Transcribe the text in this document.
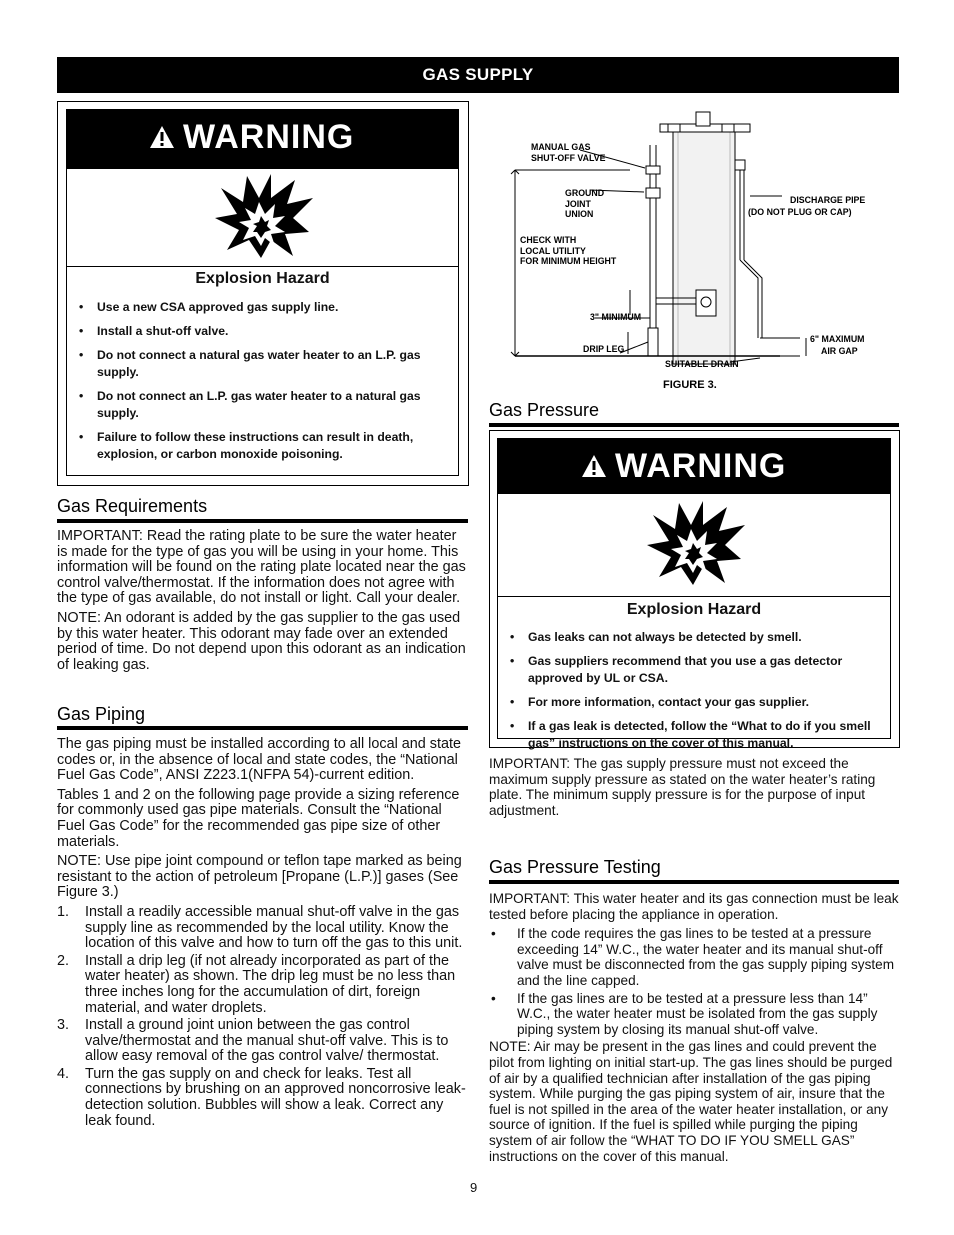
GAS SUPPLY
WARNING
Explosion Hazard
• Use a new CSA approved gas supply line.
• Install a shut-off valve.
• Do not connect a natural gas water heater to an L.P. gas supply.
• Do not connect an L.P. gas water heater to a natural gas supply.
• Failure to follow these instructions can result in death, explosion, or carbon monoxide poisoning.
Gas Requirements

IMPORTANT: Read the rating plate to be sure the water heater is made for the type of gas you will be using in your home. This information will be found on the rating plate located near the gas control valve/thermostat. If the information does not agree with the type of gas available, do not install or light. Call your dealer.

NOTE: An odorant is added by the gas supplier to the gas used by this water heater. This odorant may fade over an extended period of time. Do not depend upon this odorant as an indication of leaking gas.

Gas Piping

The gas piping must be installed according to all local and state codes or, in the absence of local and state codes, the “National Fuel Gas Code”, ANSI Z223.1(NFPA 54)-current edition.

Tables 1 and 2 on the following page provide a sizing reference for commonly used gas pipe materials. Consult the “National Fuel Gas Code” for the recommended gas pipe size of other materials.

NOTE: Use pipe joint compound or teflon tape marked as being resistant to the action of petroleum [Propane (L.P.)] gases (See Figure 3.)

1. Install a readily accessible manual shut-off valve in the gas supply line as recommended by the local utility. Know the location of this valve and how to turn off the gas to this unit.
2. Install a drip leg (if not already incorporated as part of the water heater) as shown. The drip leg must be no less than three inches long for the accumulation of dirt, foreign material, and water droplets.
3. Install a ground joint union between the gas control valve/thermostat and the manual shut-off valve. This is to allow easy removal of the gas control valve/ thermostat.
4. Turn the gas supply on and check for leaks. Test all connections by brushing on an approved noncorrosive leak-detection solution. Bubbles will show a leak. Correct any leak found.
MANUAL GAS
SHUT-OFF VALVE
GROUND
JOINT
UNION
CHECK WITH
LOCAL UTILITY
FOR MINIMUM HEIGHT
DISCHARGE PIPE
(DO NOT PLUG OR CAP)
3" MINIMUM
DRIP LEG
SUITABLE DRAIN
6" MAXIMUM
AIR GAP
FIGURE 3.
Gas Pressure
WARNING
Explosion Hazard
• Gas leaks can not always be detected by smell.
• Gas suppliers recommend that you use a gas detector approved by UL or CSA.
• For more information, contact your gas supplier.
• If a gas leak is detected, follow the “What to do if you smell gas” instructions on the cover of this manual.

IMPORTANT: The gas supply pressure must not exceed the maximum supply pressure as stated on the water heater’s rating plate. The minimum supply pressure is for the purpose of input adjustment.

Gas Pressure Testing

IMPORTANT: This water heater and its gas connection must be leak tested before placing the appliance in operation.

• If the code requires the gas lines to be tested at a pressure exceeding 14” W.C., the water heater and its manual shut-off valve must be disconnected from the gas supply piping system and the line capped.
• If the gas lines are to be tested at a pressure less than 14” W.C., the water heater must be isolated from the gas supply piping system by closing its manual shut-off valve.

NOTE: Air may be present in the gas lines and could prevent the pilot from lighting on initial start-up. The gas lines should be purged of air by a qualified technician after installation of the gas piping system. While purging the gas piping system of air, insure that the fuel is not spilled in the area of the water heater installation, or any source of ignition. If the fuel is spilled while purging the piping system of air follow the “WHAT TO DO IF YOU SMELL GAS” instructions on the cover of this manual.

9
